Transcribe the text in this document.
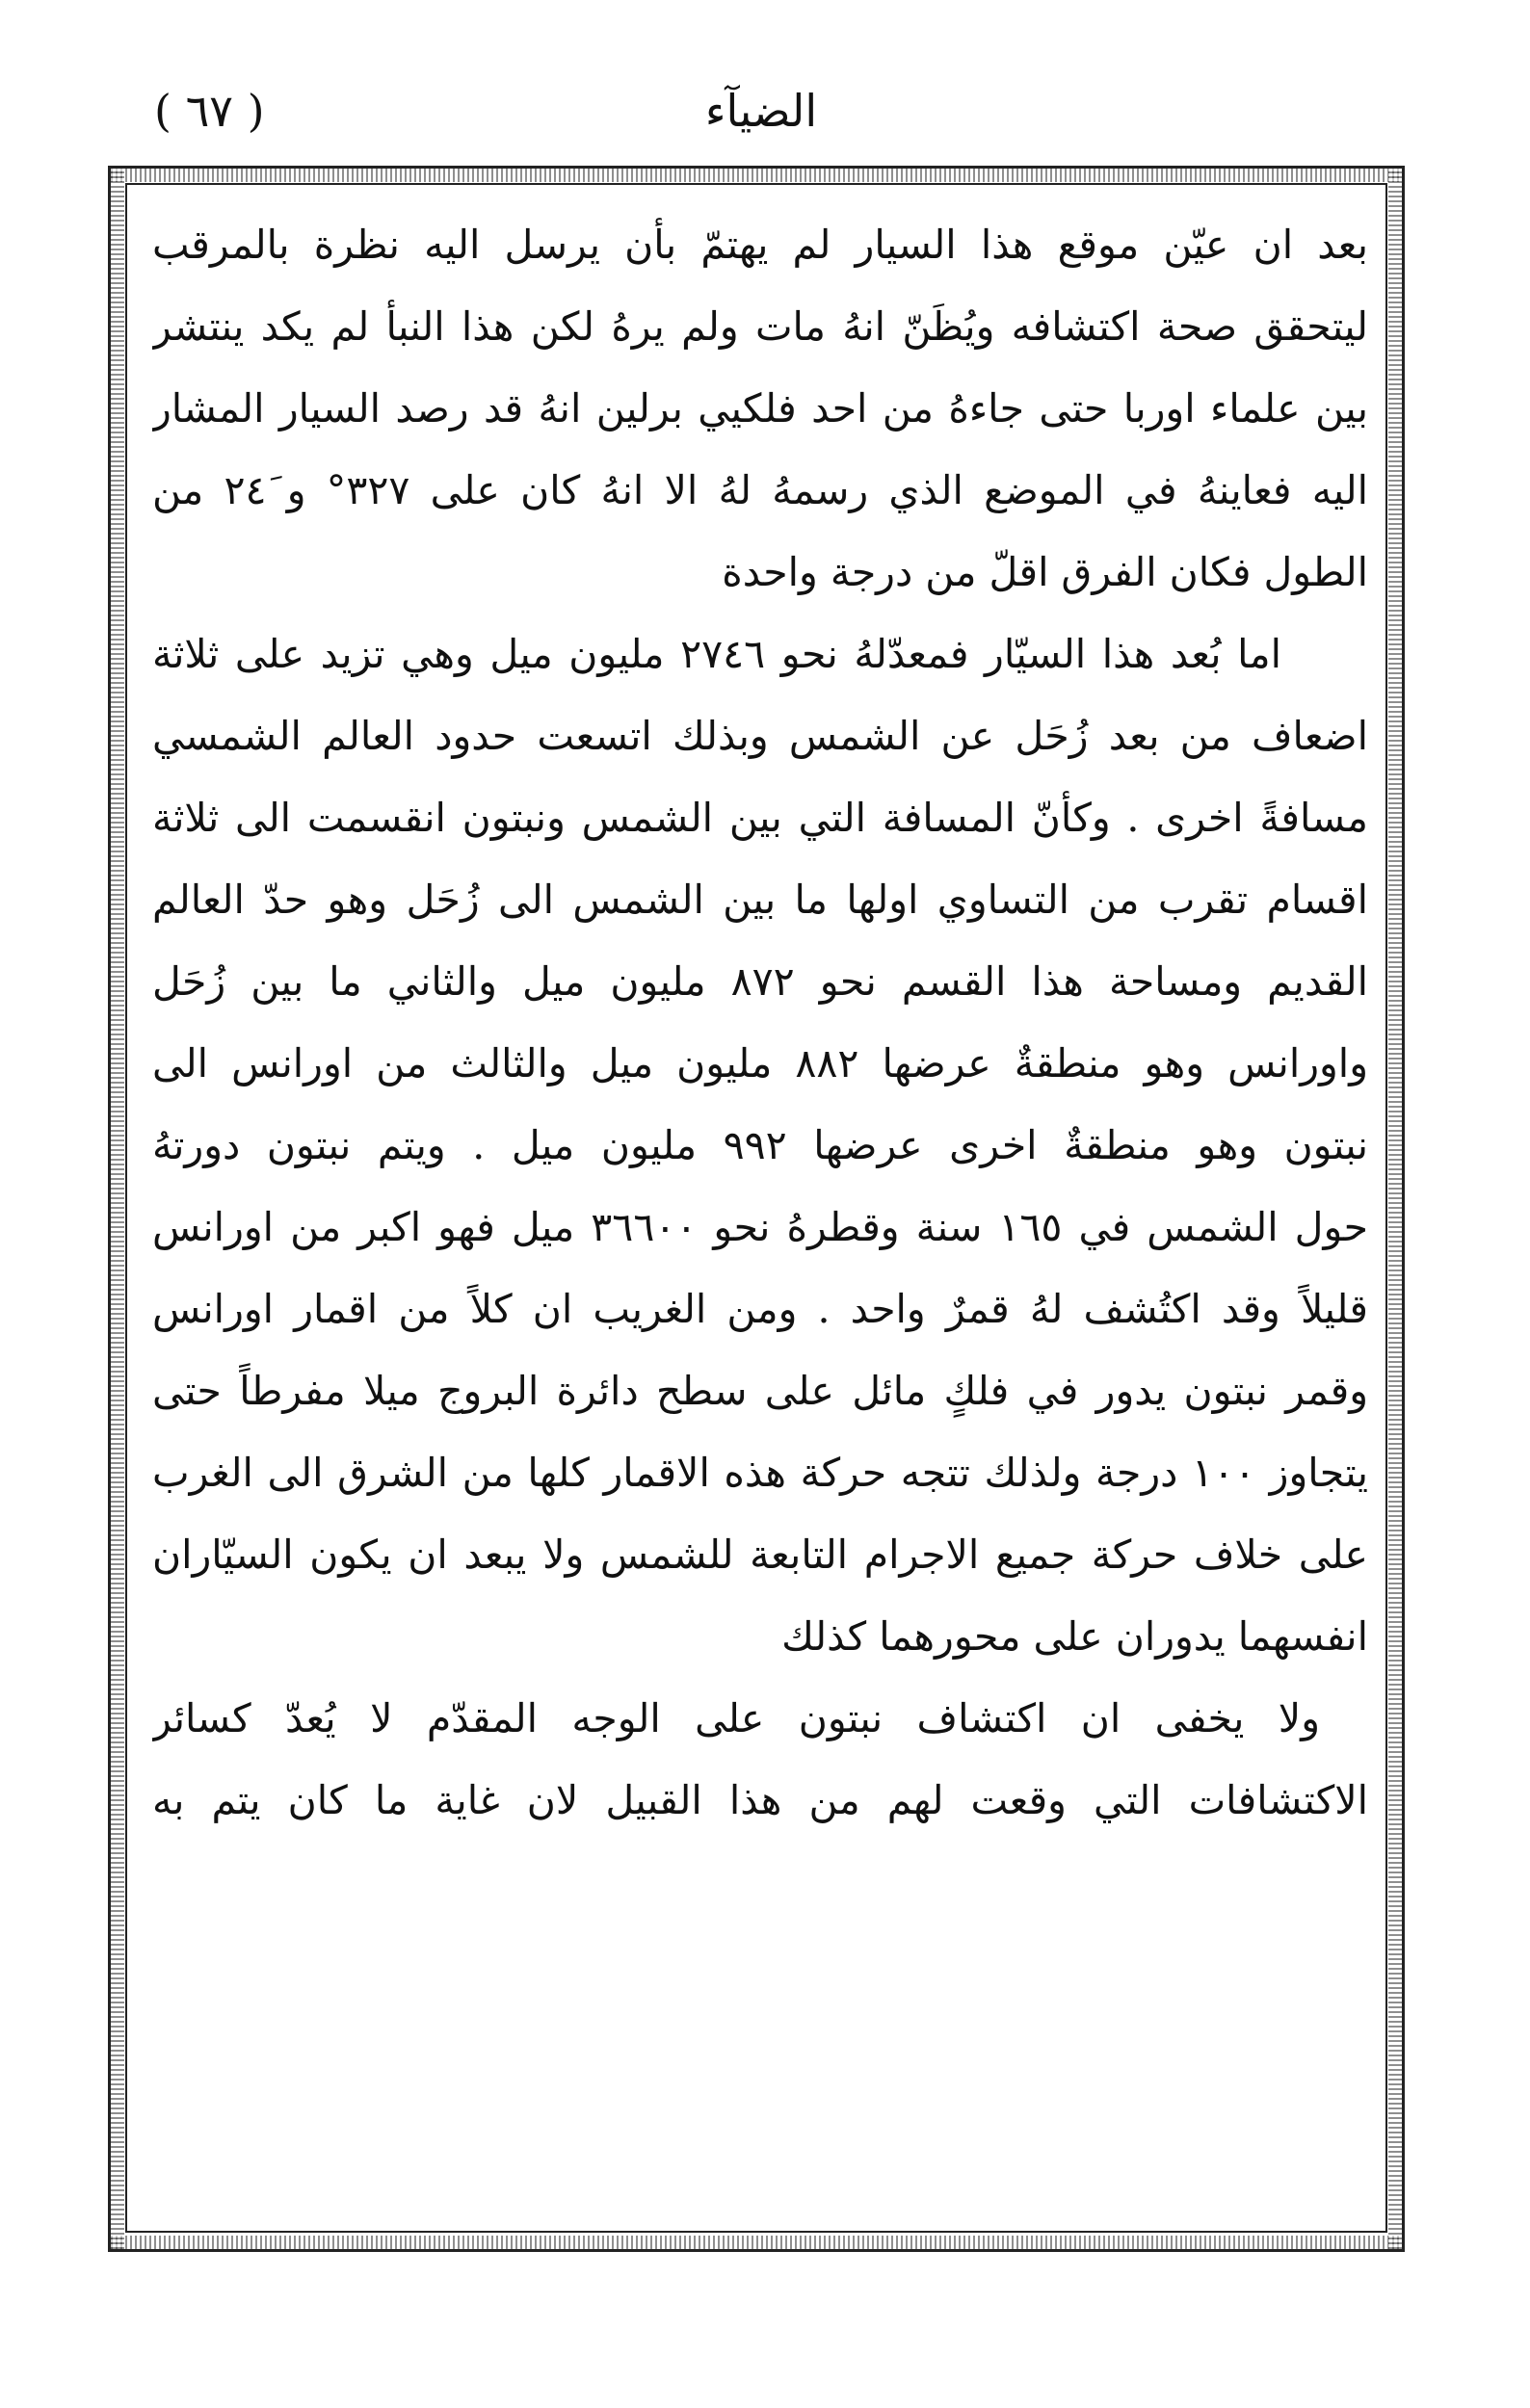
( ٦٧ )	الضيآء
بعد ان عيّن موقع هذا السيار لم يهتمّ بأن يرسل اليه نظرة بالمرقب
ليتحقق صحة اكتشافه ويُظَنّ انهُ مات ولم يرهُ لكن هذا النبأ لم يكد ينتشر
بين علماء اوربا حتى جاءهُ من احد فلكيي برلين انهُ قد رصد السيار المشار
اليه فعاينهُ في الموضع الذي رسمهُ لهُ الا انهُ كان على ٣٢٧° و ٢٤َ من
الطول فكان الفرق اقلّ من درجة واحدة
اما بُعد هذا السيّار فمعدّلهُ نحو ٢٧٤٦ مليون ميل وهي تزيد على ثلاثة
اضعاف من بعد زُحَل عن الشمس وبذلك اتسعت حدود العالم الشمسي
مسافةً اخرى . وكأنّ المسافة التي بين الشمس ونبتون انقسمت الى ثلاثة
اقسام تقرب من التساوي اولها ما بين الشمس الى زُحَل وهو حدّ العالم
القديم ومساحة هذا القسم نحو ٨٧٢ مليون ميل والثاني ما بين زُحَل
واورانس وهو منطقةٌ عرضها ٨٨٢ مليون ميل والثالث من اورانس الى
نبتون وهو منطقةٌ اخرى عرضها ٩٩٢ مليون ميل . ويتم نبتون دورتهُ
حول الشمس في ١٦٥ سنة وقطرهُ نحو ٣٦٦٠٠ ميل فهو اكبر من اورانس
قليلاً وقد اكتُشف لهُ قمرٌ واحد . ومن الغريب ان كلاً من اقمار اورانس
وقمر نبتون يدور في فلكٍ مائل على سطح دائرة البروج ميلا مفرطاً حتى
يتجاوز ١٠٠ درجة ولذلك تتجه حركة هذه الاقمار كلها من الشرق الى الغرب
على خلاف حركة جميع الاجرام التابعة للشمس ولا يبعد ان يكون السيّاران
انفسهما يدوران على محورهما كذلك
ولا يخفى ان اكتشاف نبتون على الوجه المقدّم لا يُعدّ كسائر
الاكتشافات التي وقعت لهم من هذا القبيل لان غاية ما كان يتم به
